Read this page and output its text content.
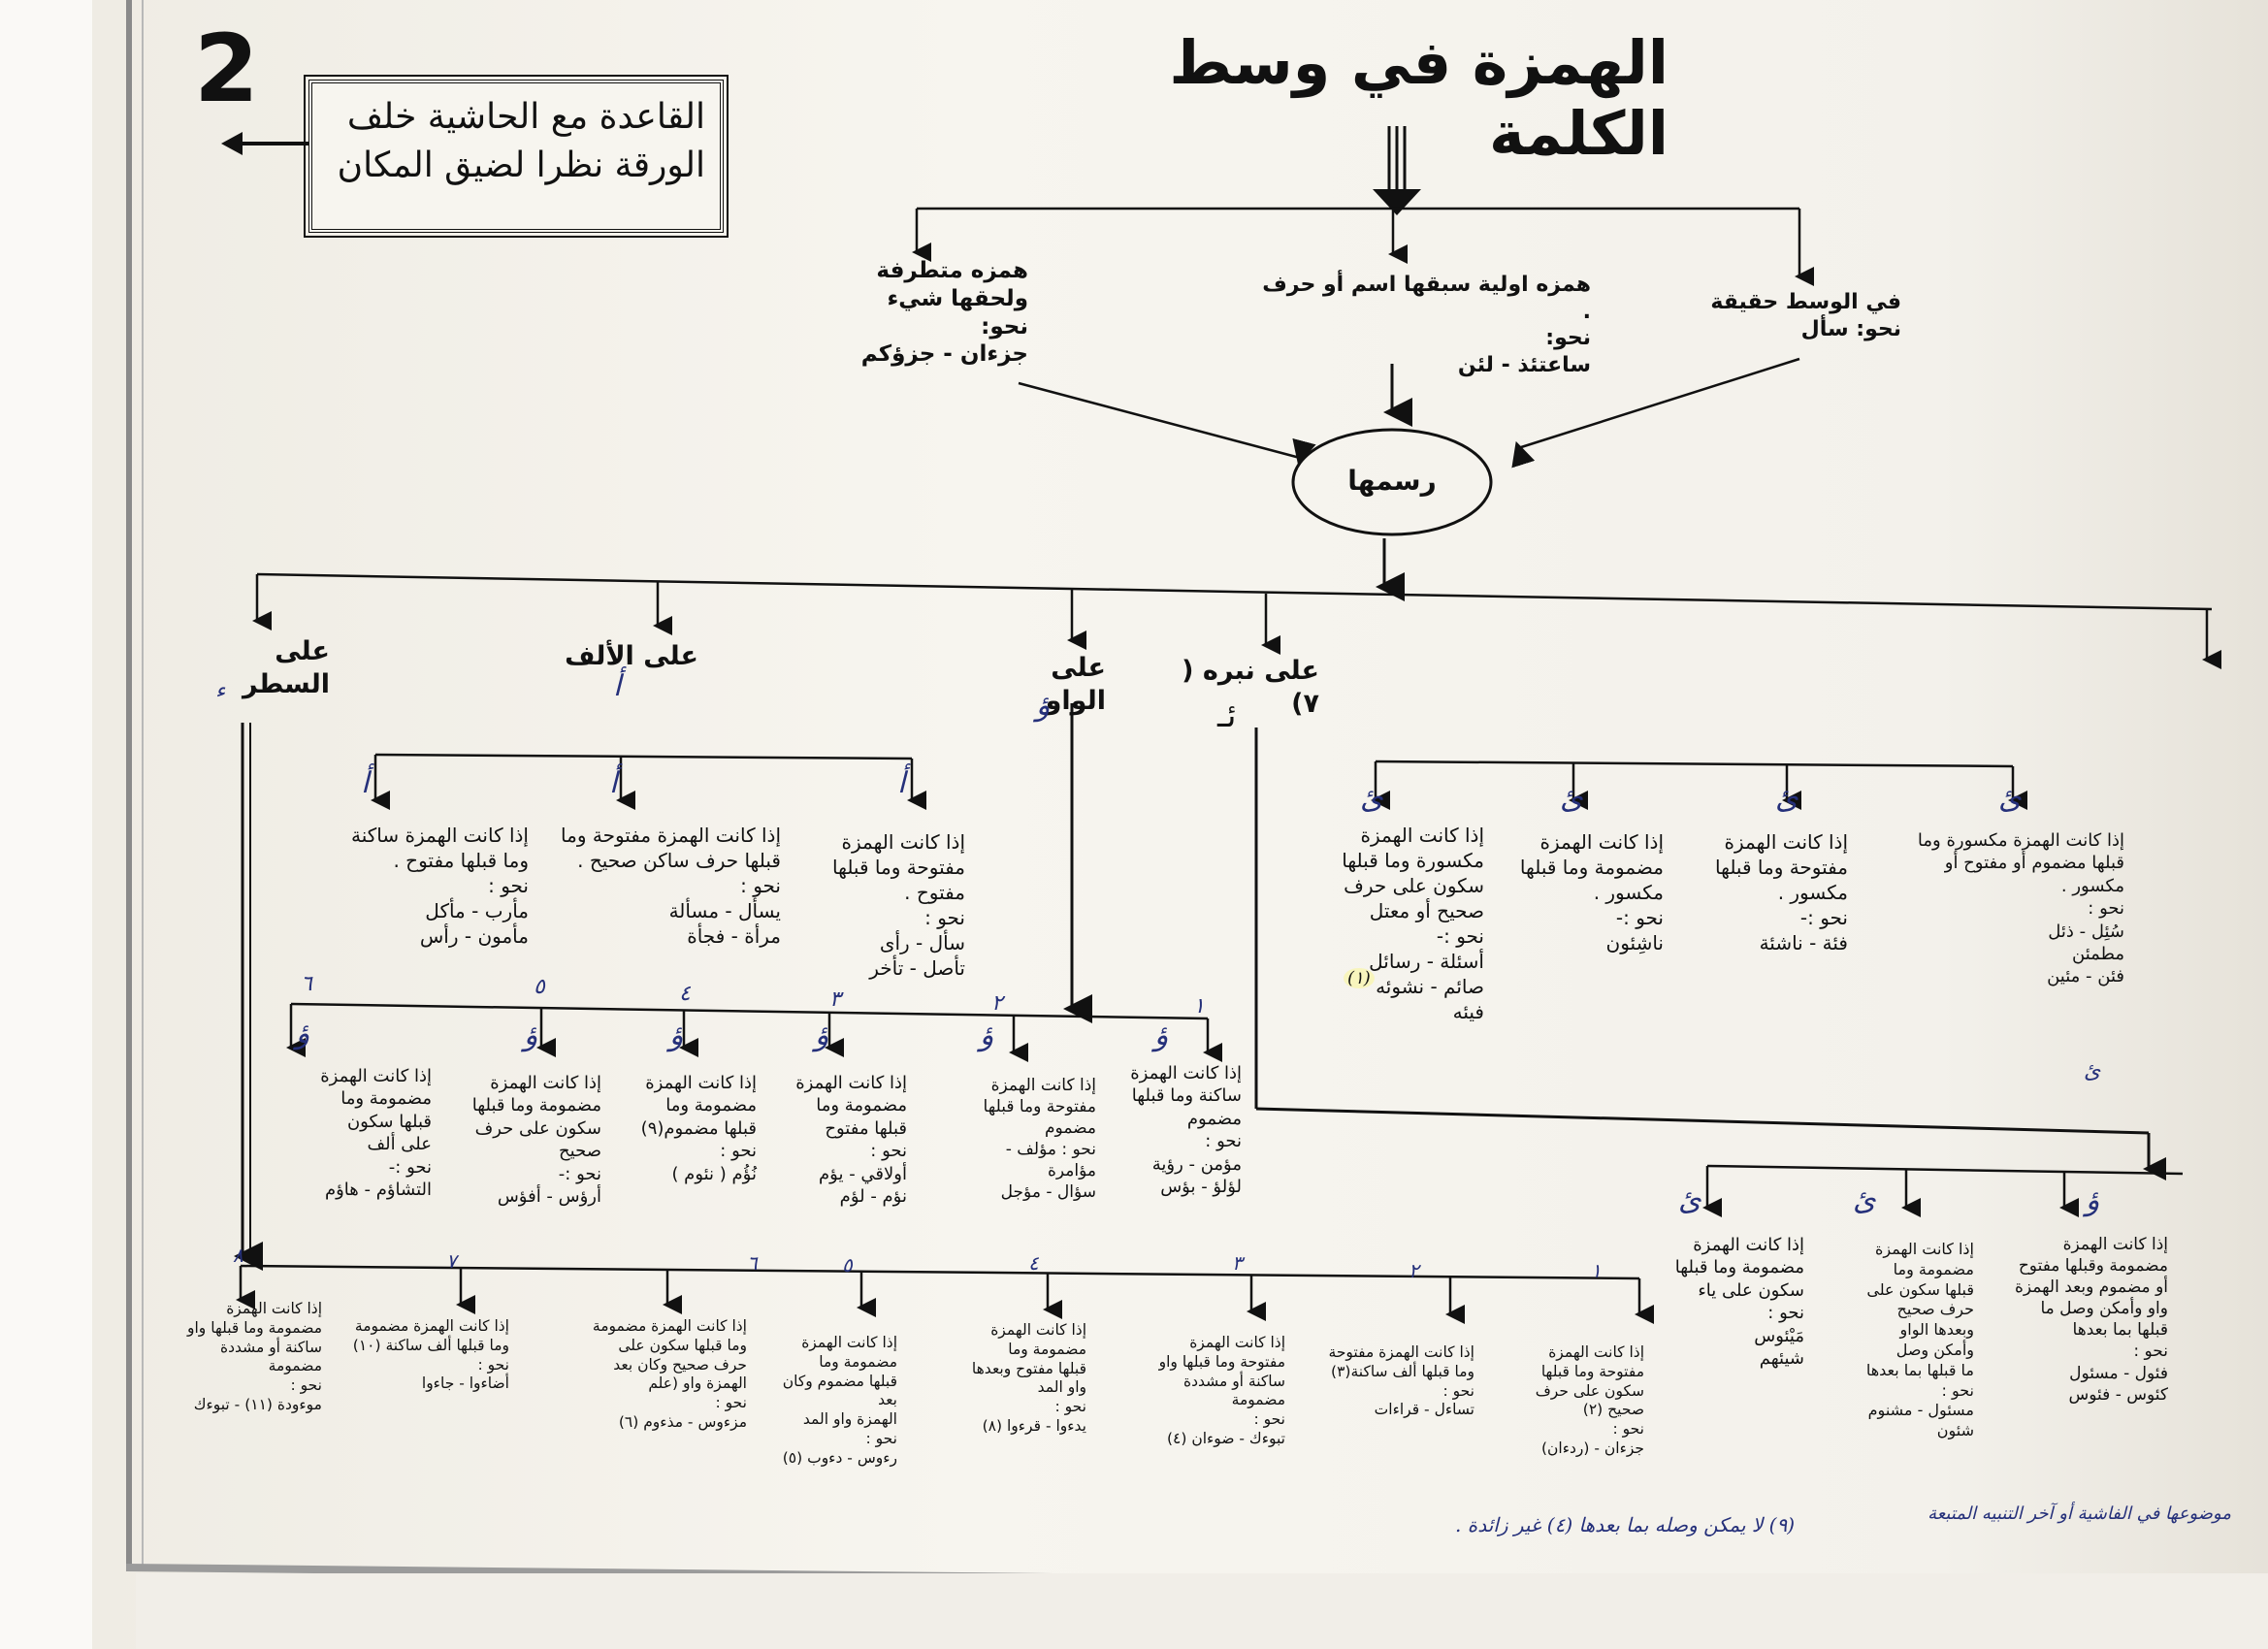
2	الهمزة في وسط الكلمة
القاعدة مع الحاشية خلف
الورقة نظرا لضيق المكان
في الوسط حقيقة
نحو: سأل
همزه اولية سبقها اسم أو حرف .
نحو:
ساعتئذ - لئن
همزه متطرفة
ولحقها شيء نحو:
جزءان - جزؤكم
رسمها
على نبره ( ٧)
على الواو
على الألف
على السطر
ئـ
ؤ
أ
ء
إذا كانت الهمزة مكسورة وما
قبلها مضموم أو مفتوح أو
مكسور .
نحو :
سُئِل - ذئل
مطمئن
فئن - مئين
إذا كانت الهمزة
مفتوحة وما قبلها
مكسور .
نحو :-
فئة - ناشئة
إذا كانت الهمزة
مضمومة وما قبلها
مكسور .
نحو :-
ناشِئون
إذا كانت الهمزة
مكسورة وما قبلها
سكون على حرف
صحيح أو معتل
نحو :-
أسئلة - رسائل
صائم - نشوئه
فيئه
(١)
ئ
ئ
ئ
ئ
إذا كانت الهمزة
مفتوحة وما قبلها
مفتوح .
نحو :
سأل - رأى
تأصل - تأخر
إذا كانت الهمزة مفتوحة وما
قبلها حرف ساكن صحيح .
نحو :
يسأل - مسألة
مرأة - فجأة
إذا كانت الهمزة ساكنة
وما قبلها مفتوح .
نحو :
مأرب - مأكل
مأمون - رأس
أ
أ
أ
إذا كانت الهمزة
ساكنة وما قبلها
مضموم
نحو :
مؤمن - رؤية
لؤلؤ - بؤس
إذا كانت الهمزة
مفتوحة وما قبلها
مضموم
نحو : مؤلف - مؤامرة
سؤال - مؤجل
إذا كانت الهمزة
مضمومة وما
قبلها مفتوح
نحو :
أولاقي - يؤم
نؤم - لؤم
إذا كانت الهمزة
مضمومة وما
قبلها مضموم(٩)
نحو :
نُؤُم ( نئوم )
إذا كانت الهمزة
مضمومة وما قبلها
سكون على حرف
صحيح
نحو :-
أرؤس - أفؤس
إذا كانت الهمزة
مضمومة وما
قبلها سكون
على ألف
نحو :-
التشاؤم - هاؤم
١
٢
٣
٤
٥
٦
ؤ
ؤ
ؤ
ؤ
ؤ
ؤ
إذا كانت الهمزة
مضمومة وقبلها مفتوح
أو مضموم وبعد الهمزة
واو وأمكن وصل ما
قبلها بما بعدها
نحو :
فئول - مسئول
كئوس - فئوس
إذا كانت الهمزة
مضمومة وما
قبلها سكون على
حرف صحيح
وبعدها الواو
وأمكن وصل
ما قبلها بما بعدها
نحو :
مسئول - مشنوم
شئون
إذا كانت الهمزة
مضمومة وما قبلها
سكون على ياء
نحو :
مَيْئوس
شيئهم
ؤ
ئ
ئ
إذا كانت الهمزة
مفتوحة وما قبلها
سكون على حرف
صحيح (٢)
نحو :
جزءان - (ردءان)
إذا كانت الهمزة مفتوحة
وما قبلها ألف ساكنة(٣)
نحو :
تساءل - قراءات
إذا كانت الهمزة
مفتوحة وما قبلها واو
ساكنة أو مشددة
مضمومة
نحو :
تبوءك - ضوءان (٤)
إذا كانت الهمزة
مضمومة وما
قبلها مفتوح وبعدها
واو المد
نحو :
يدءوا - قرءوا (٨)
إذا كانت الهمزة
مضمومة وما
قبلها مضموم وكان بعد
الهمزة واو المد
نحو :
رءوس - دءوب (٥)
إذا كانت الهمزة مضمومة
وما قبلها سكون على
حرف صحيح وكان بعد
الهمزة واو (علم
نحو :
مزءوس - مذءوم (٦)
إذا كانت الهمزة مضمومة
وما قبلها ألف ساكنة (١٠)
نحو :
أضاءوا - جاءوا
إذا كانت الهمزة
مضمومة وما قبلها واو
ساكنة أو مشددة
مضمومة
نحو :
موءودة (١١) - تبوءك
١
٢
٣
٤
٥
٦
٧
٨
(٩) لا يمكن وصله بما بعدها (٤) غير زائدة .	موضوعها في الفاشية أو آخر التنبيه المتبعة
ئ
